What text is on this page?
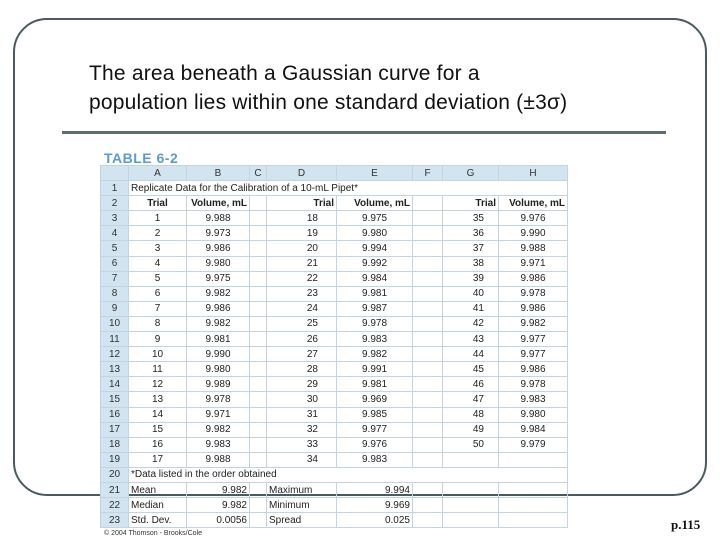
The area beneath a Gaussian curve for a
population lies within one standard deviation (±3σ)
TABLE 6-2
	A	B	C	D	E	F	G	H
1	Replicate Data for the Calibration of a 10-mL Pipet*							
2	Trial	Volume, mL		Trial	Volume, mL		Trial	Volume, mL
3	1	9.988		18	9.975		35	9.976
4	2	9.973		19	9.980		36	9.990
5	3	9.986		20	9.994		37	9.988
6	4	9.980		21	9.992		38	9.971
7	5	9.975		22	9.984		39	9.986
8	6	9.982		23	9.981		40	9.978
9	7	9.986		24	9.987		41	9.986
10	8	9.982		25	9.978		42	9.982
11	9	9.981		26	9.983		43	9.977
12	10	9.990		27	9.982		44	9.977
13	11	9.980		28	9.991		45	9.986
14	12	9.989		29	9.981		46	9.978
15	13	9.978		30	9.969		47	9.983
16	14	9.971		31	9.985		48	9.980
17	15	9.982		32	9.977		49	9.984
18	16	9.983		33	9.976		50	9.979
19	17	9.988		34	9.983			
20	*Data listed in the order obtained							
21	Mean	9.982		Maximum	9.994			
22	Median	9.982		Minimum	9.969			
23	Std. Dev.	0.0056		Spread	0.025			
© 2004 Thomson - Brooks/Cole
p.115
